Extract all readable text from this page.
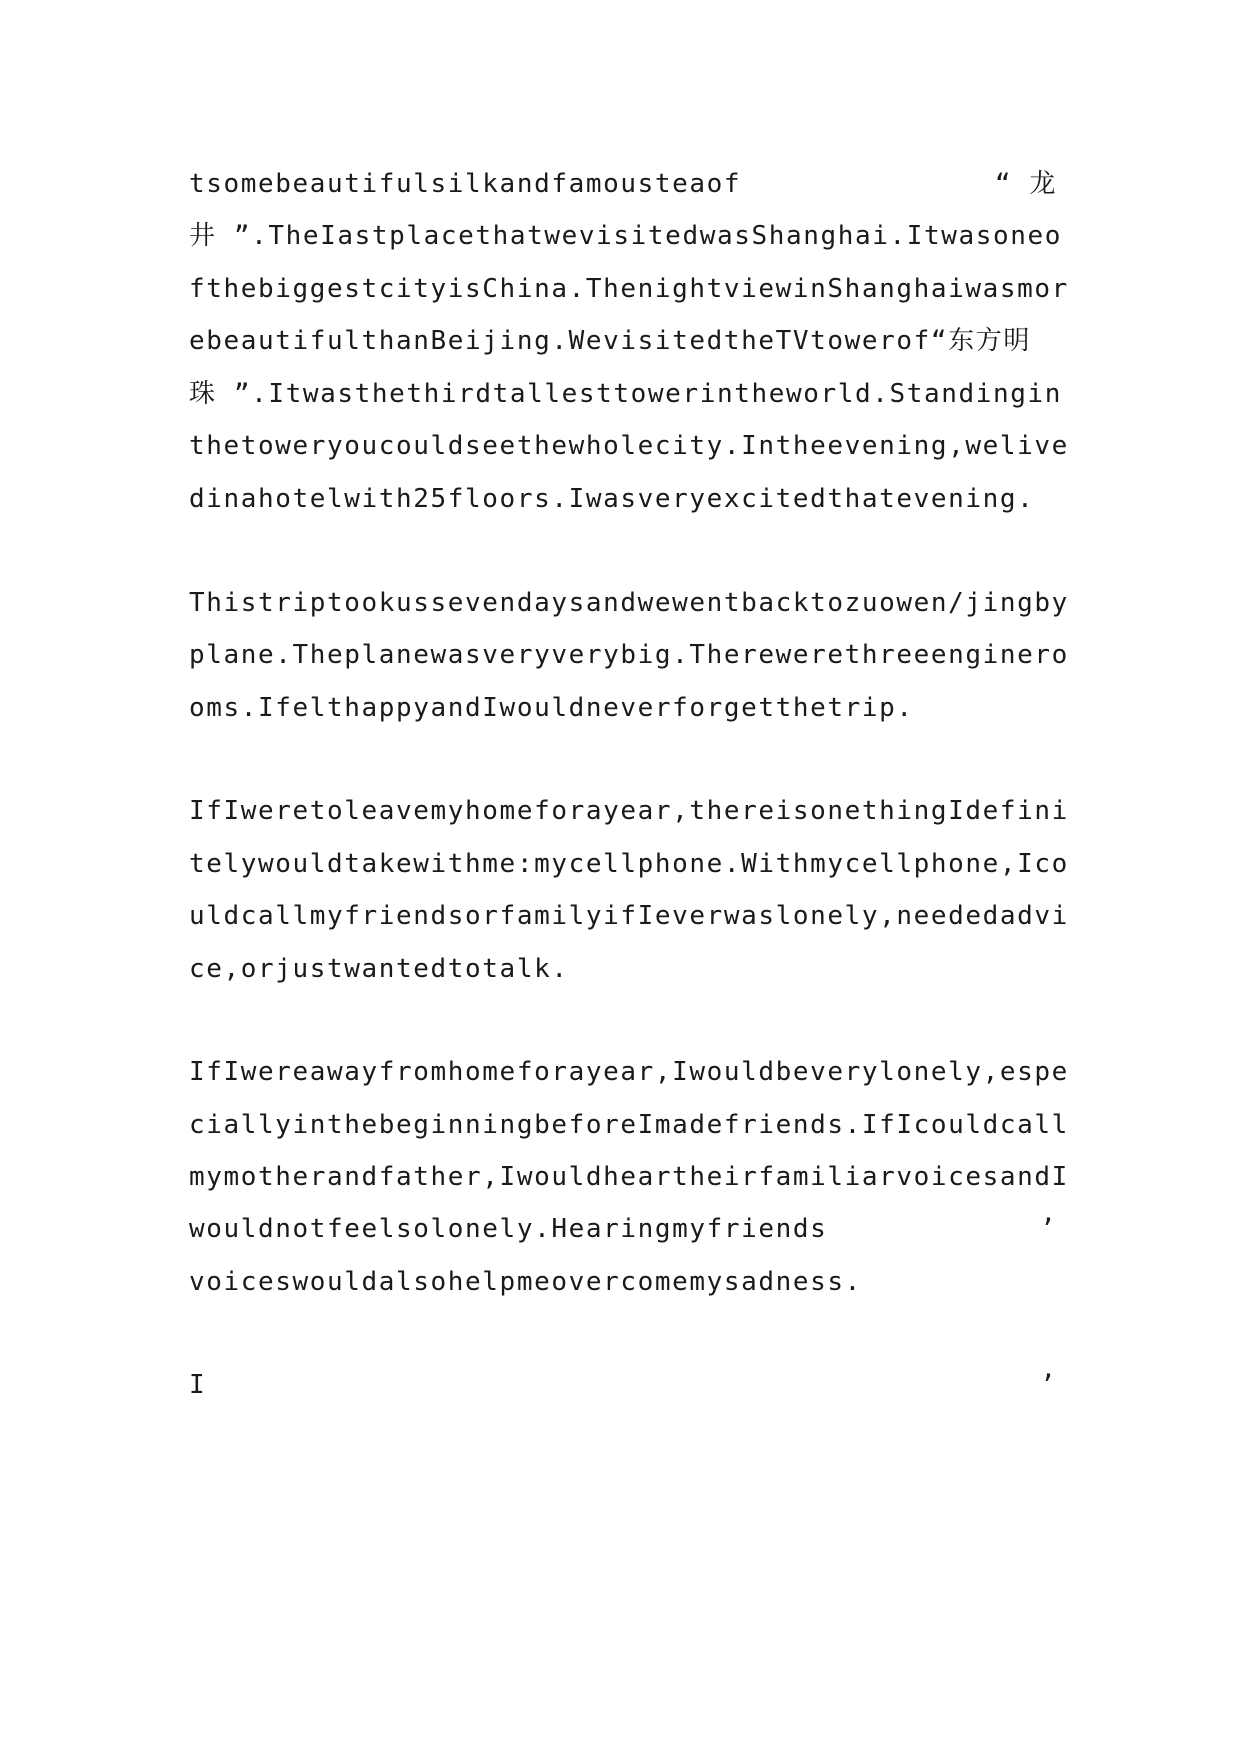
tsomebeautifulsilkandfamousteaof	“ 龙
井 ”.TheIastplacethatwevisitedwasShanghai.Itwasoneo
fthebiggestcityisChina.ThenightviewinShanghaiwasmor
ebeautifulthanBeijing.WevisitedtheTVtowerof“东方明
珠 ”.Itwasthethirdtallesttowerintheworld.Standingin
thetoweryoucouldseethewholecity.Intheevening,welive
dinahotelwith25floors.Iwasveryexcitedthatevening.
Thistriptookussevendaysandwewentbacktozuowen/jingby
plane.Theplanewasveryverybig.Therewerethreeenginero
oms.IfelthappyandIwouldneverforgetthetrip.
IfIweretoleavemyhomeforayear,thereisonethingIdefini
telywouldtakewithme:mycellphone.Withmycellphone,Ico
uldcallmyfriendsorfamilyifIeverwaslonely,neededadvi
ce,orjustwantedtotalk.
IfIwereawayfromhomeforayear,Iwouldbeverylonely,espe
ciallyinthebeginningbeforeImadefriends.IfIcouldcall
mymotherandfather,IwouldheartheirfamiliarvoicesandI
wouldnotfeelsolonely.Hearingmyfriends	’
voiceswouldalsohelpmeovercomemysadness.
I	’
